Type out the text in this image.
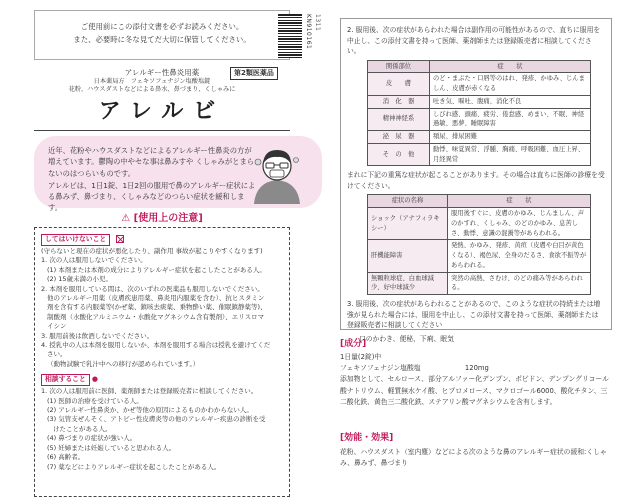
ご使用前にこの添付文書を必ずお読みください。
また、必要時に冬な見てだ大切に保管してください。	KN910161 1311
アレルギー性鼻炎用薬
日本薬局方　フェキソフェナジン塩酸塩錠
花粉、ハウスダストなどによる鼻水、鼻づまり、くしゃみに
第2類医薬品
アレルビ

近年、花粉やハウスダストなどによるアレルギー性鼻炎の方が増えています。鬱陶の中やセな事は鼻みすや くしゃみがとまらないのはつらいものです。

アレルビは、1日1錠、1日2回の服用で鼻のアレルギー症状による鼻みず、鼻づまり、くしゃみなどのつらい症状を緩和します。

⚠ [使用上の注意]
してはいけないこと
(守らないと現在の症状が悪化したり、副作用 事故が起こりやすくなります)
1. 次の人は服用しないでください。
(1) 本剤または本剤の成分によりアレルギー症状を起こしたことがある人。
(2) 15歳未満の小児。
2. 本剤を服用している間は、次のいずれの医薬品も服用しないでください。
他のアレルギー用薬（皮膚疾患用薬、鼻炎用内服薬を含む）、抗ヒスタミン
剤を含有する内服薬等(かぜ薬、鎮咳去痰薬、乗物酔い薬、催眠鎮静薬等)、
制酸剤（水酸化アルミニウム・水酸化マグネシウム含有製剤）、エリスロマ
イシン
3. 服用前後は飲酒しないでください。
4. 授乳中の人は本剤を服用しないか、本剤を服用する場合は授乳を避けてくだ
さい。
（動物試験で乳汁中への移行が認められています。）
相談すること ●
1. 次の人は服用前に医師、薬剤師または登録販売者に相談してください。
(1) 医師の治療を受けている人。
(2) アレルギー性鼻炎か、かぜ等他の原因によるものかわからない人。
(3) 気管支ぜんそく、アトピー性皮膚炎等の他のアレルギー疾患の診断を受
けたことがある人。
(4) 鼻づまりの症状が強い人。
(5) 妊婦または妊娠していると思われる人。
(6) 高齢者。
(7) 薬などによりアレルギー症状を起こしたことがある人。
2. 服用後、次の症状があらわれた場合は副作用の可能性があるので、直ちに服用を中止し、この添付文書を持って医師、薬剤師または登録販売者に相談してください。
関係部位	症　　状
皮　　膚	のど・まぶた・口唇等のはれ、発疹、かゆみ、じんましん、皮膚が赤くなる
消　化　器	吐き気、嘔吐、腹痛、消化不良
精神神経系	しびれ感、頭痛、疲労、倦怠感、めまい、不眠、神経過敏、悪夢、睡眠障害
泌　尿　器	頻尿、排尿困難
そ　の　他	動悸、味覚異常、浮腫、胸痛、呼吸困難、血圧上昇、月経異常
まれに下記の重篤な症状が起こることがあります。その場合は直ちに医師の診療を受けてください。
症状の名称	症　　状
ショック（アナフィラキシー）	服用後すぐに、皮膚のかゆみ、じんましん、声のかすれ、くしゃみ、のどのかゆみ、息苦しさ、動悸、意識の混濁等があらわれる。
肝機能障害	発熱、かゆみ、発疹、黄疸（皮膚や白目が黄色くなる）、褐色尿、全身のだるさ、食欲不振等があらわれる。
無顆粒球症、白血球減少、好中球減少	突然の高熱、さむけ、のどの痛み等があらわれる。
3. 服用後、次の症状があらわれることがあるので、このような症状の持続または増強が見られた場合には、服用を中止し、この添付文書を持って医師、薬剤師または登録販売者に相談してください
口のかわき、便秘、下痢、眠気
[成分]
1日量(2錠)中
フェキソフェナジン塩酸塩	120mg
添加物として、セルロース、部分アルファー化デンプン、ポビドン、デンプングリコール酸ナトリウム、軽質無水ケイ酸、ヒプロメロース、マクロゴール6000、酸化チタン、三二酸化鉄、黄色三二酸化鉄、ステアリン酸マグネシウムを含有します。
[効能・効果]
花粉、ハウスダスト（室内塵）などによる次のような鼻のアレルギー症状の緩和:くしゃみ、鼻みず、鼻づまり
